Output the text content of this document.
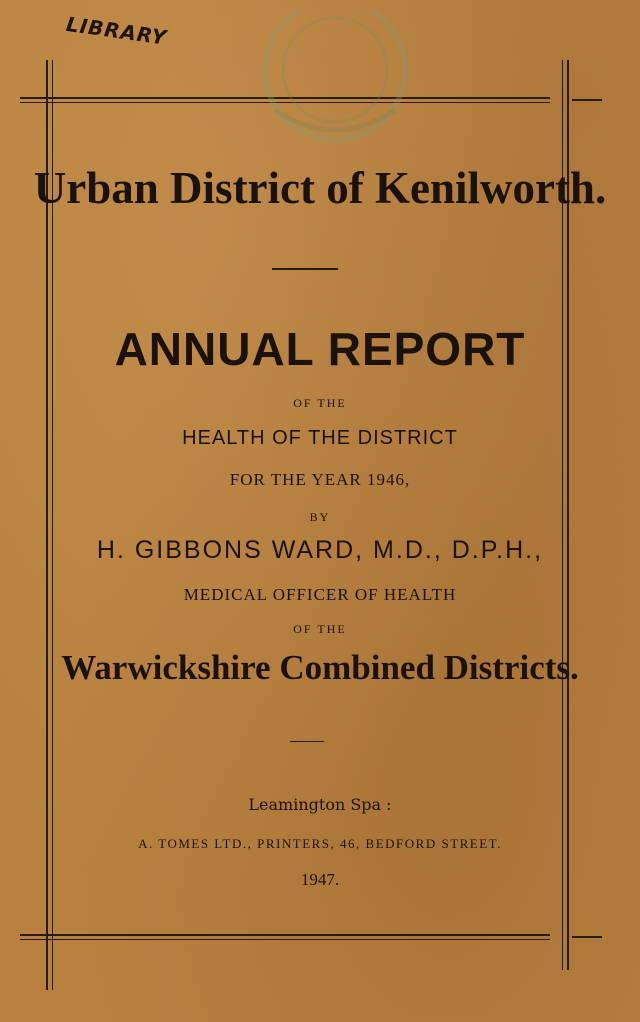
LIBRARY
Urban District of Kenilworth.
ANNUAL REPORT
OF THE
HEALTH OF THE DISTRICT
FOR THE YEAR 1946,
BY
H. GIBBONS WARD, M.D., D.P.H.,
MEDICAL OFFICER OF HEALTH
OF THE
Warwickshire Combined Districts.
Leamington Spa :
A. TOMES LTD., PRINTERS, 46, BEDFORD STREET.
1947.
